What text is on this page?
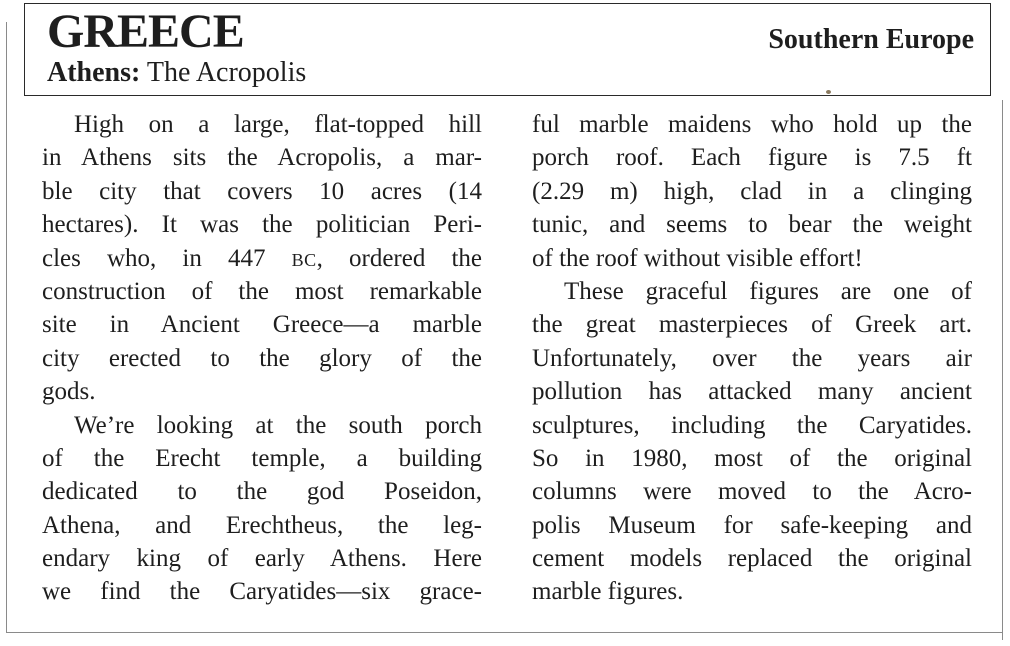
GREECE
Athens: The Acropolis
Southern Europe
High on a large, flat-topped hill
in Athens sits the Acropolis, a mar-
ble city that covers 10 acres (14
hectares). It was the politician Peri-
cles who, in 447 BC, ordered the
construction of the most remarkable
site in Ancient Greece—a marble
city erected to the glory of the
gods.
We’re looking at the south porch
of the Erecht temple, a building
dedicated to the god Poseidon,
Athena, and Erechtheus, the leg-
endary king of early Athens. Here
we find the Caryatides—six grace-
ful marble maidens who hold up the
porch roof. Each figure is 7.5 ft
(2.29 m) high, clad in a clinging
tunic, and seems to bear the weight
of the roof without visible effort!
These graceful figures are one of
the great masterpieces of Greek art.
Unfortunately, over the years air
pollution has attacked many ancient
sculptures, including the Caryatides.
So in 1980, most of the original
columns were moved to the Acro-
polis Museum for safe-keeping and
cement models replaced the original
marble figures.
